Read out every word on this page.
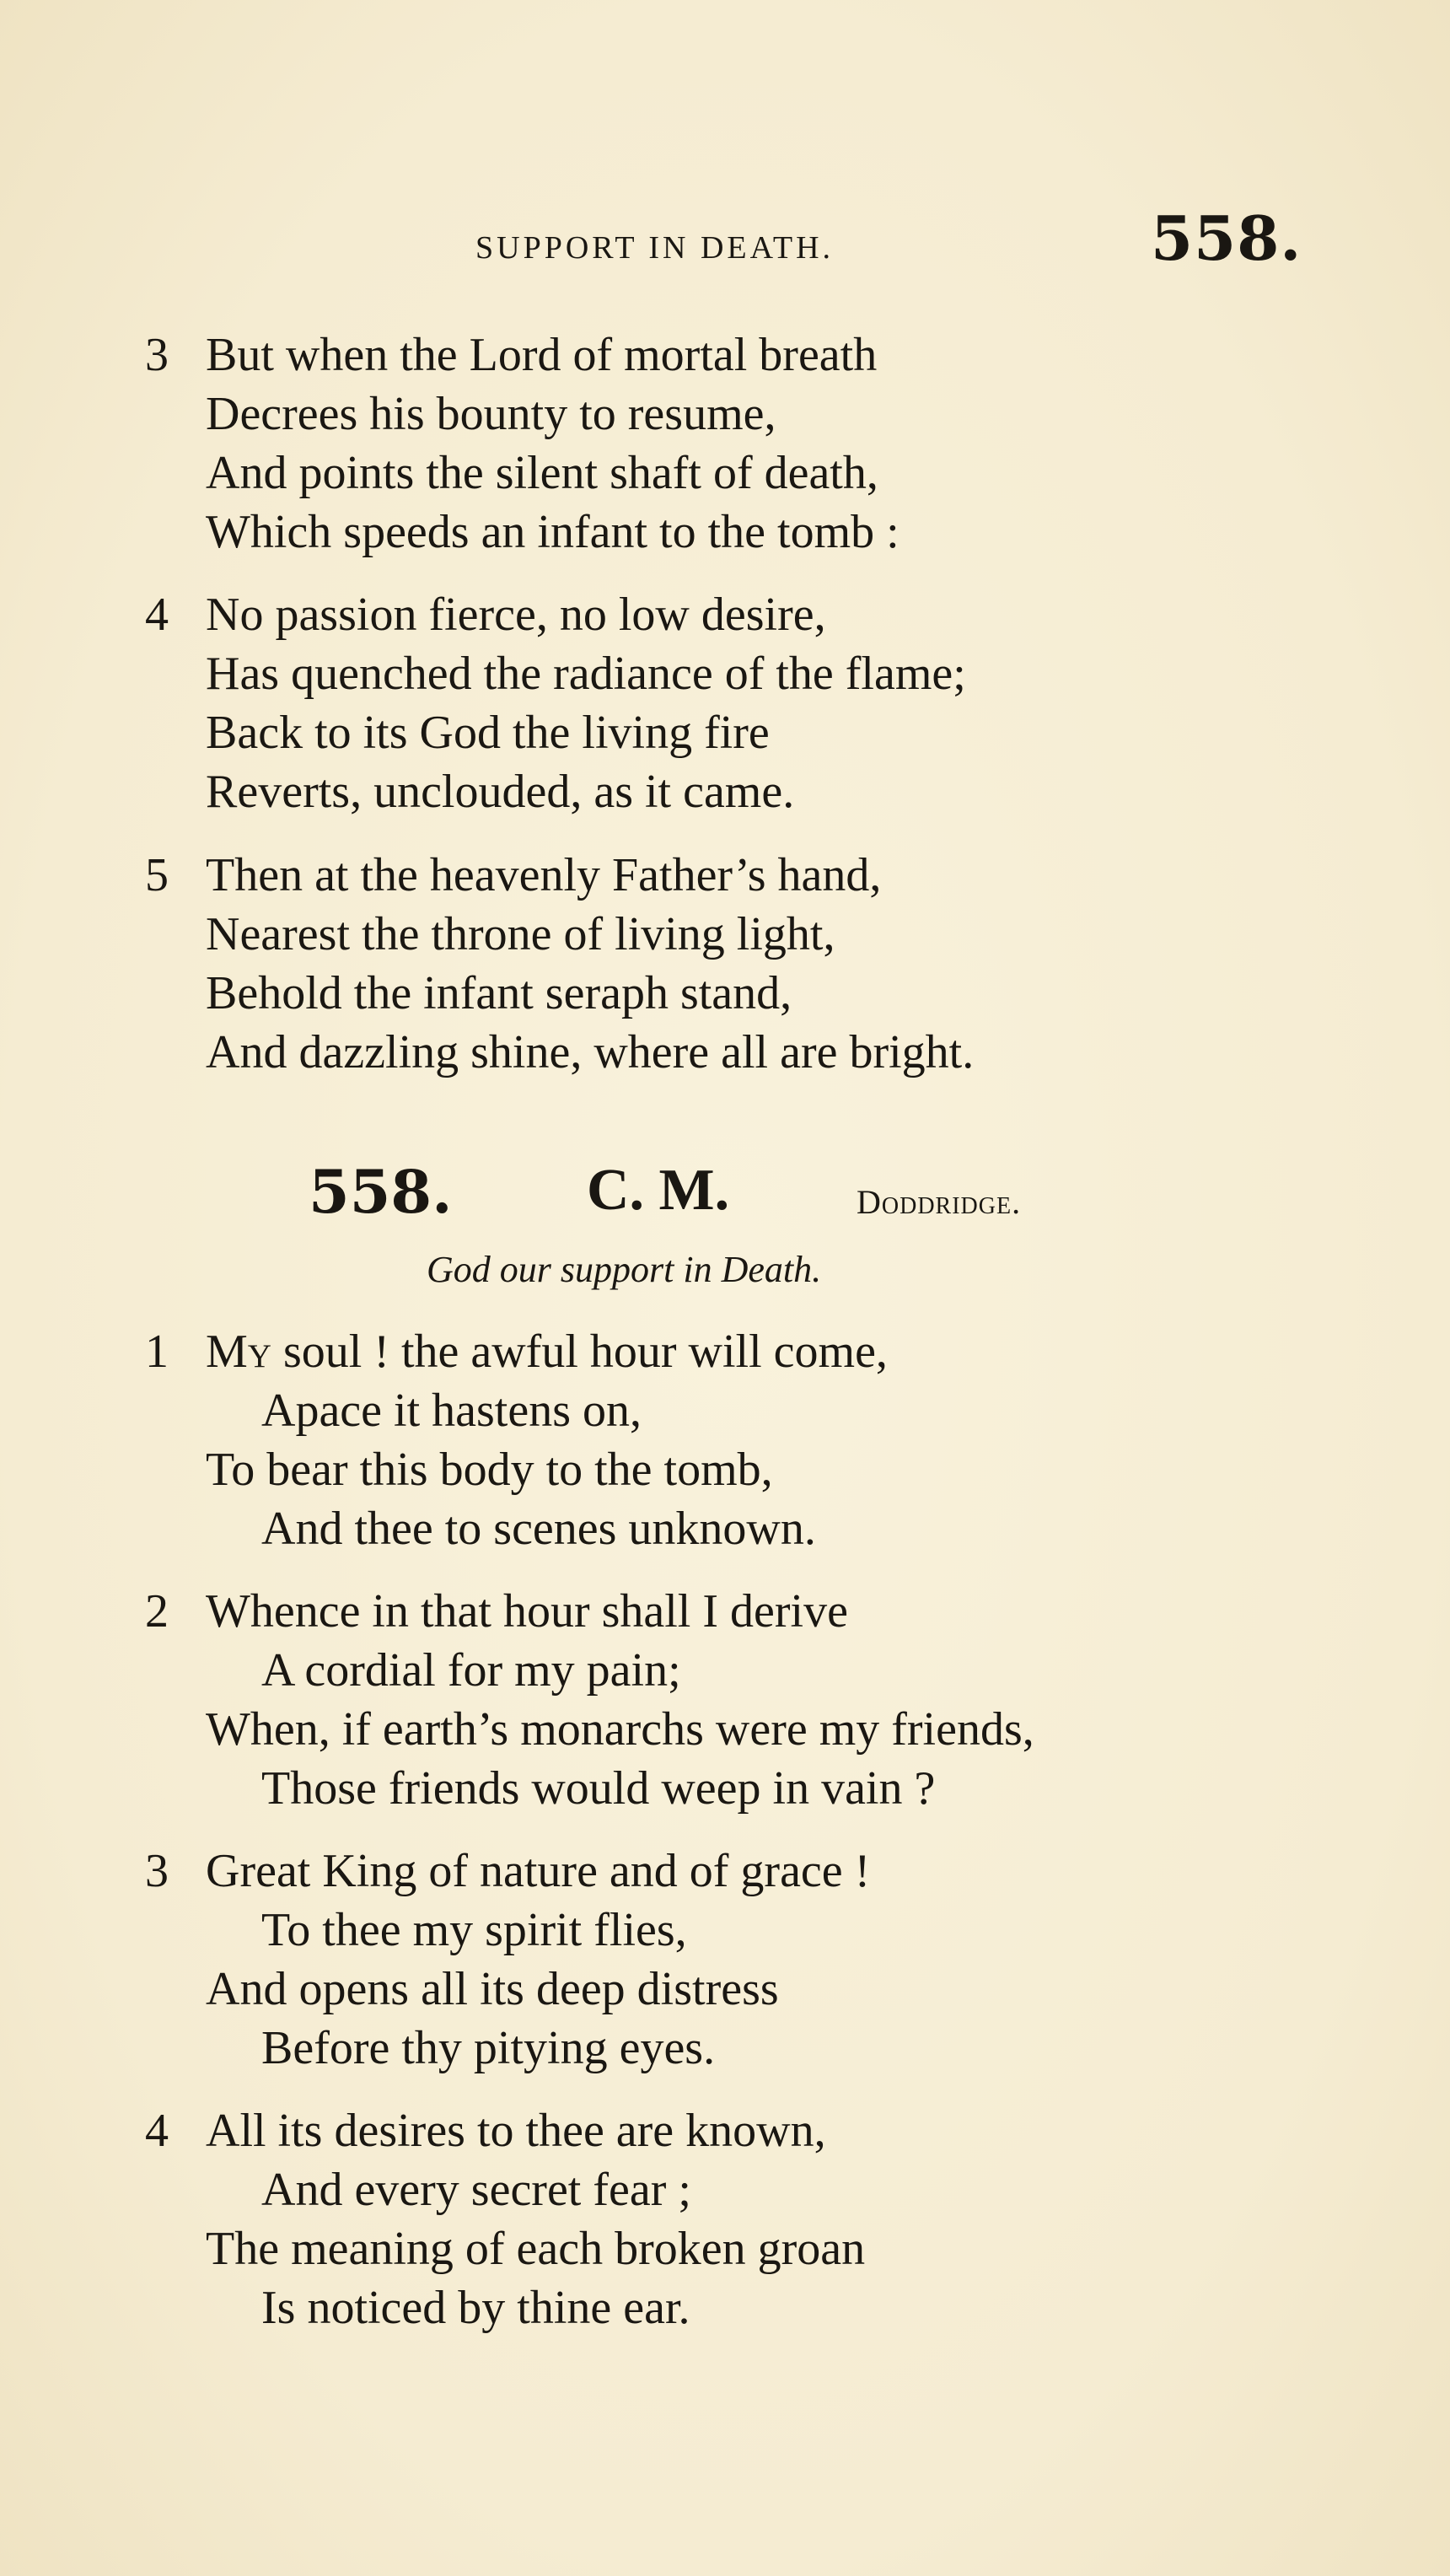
SUPPORT IN DEATH.	558.
3 But when the Lord of mortal breath
Decrees his bounty to resume,
And points the silent shaft of death,
Which speeds an infant to the tomb :
4 No passion fierce, no low desire,
Has quenched the radiance of the flame;
Back to its God the living fire
Reverts, unclouded, as it came.
5 Then at the heavenly Father’s hand,
Nearest the throne of living light,
Behold the infant seraph stand,
And dazzling shine, where all are bright.
558. C. M.	Doddridge.
God our support in Death.
1 My soul ! the awful hour will come,
Apace it hastens on,
To bear this body to the tomb,
And thee to scenes unknown.
2 Whence in that hour shall I derive
A cordial for my pain;
When, if earth’s monarchs were my friends,
Those friends would weep in vain ?
3 Great King of nature and of grace !
To thee my spirit flies,
And opens all its deep distress
Before thy pitying eyes.
4 All its desires to thee are known,
And every secret fear ;
The meaning of each broken groan
Is noticed by thine ear.
